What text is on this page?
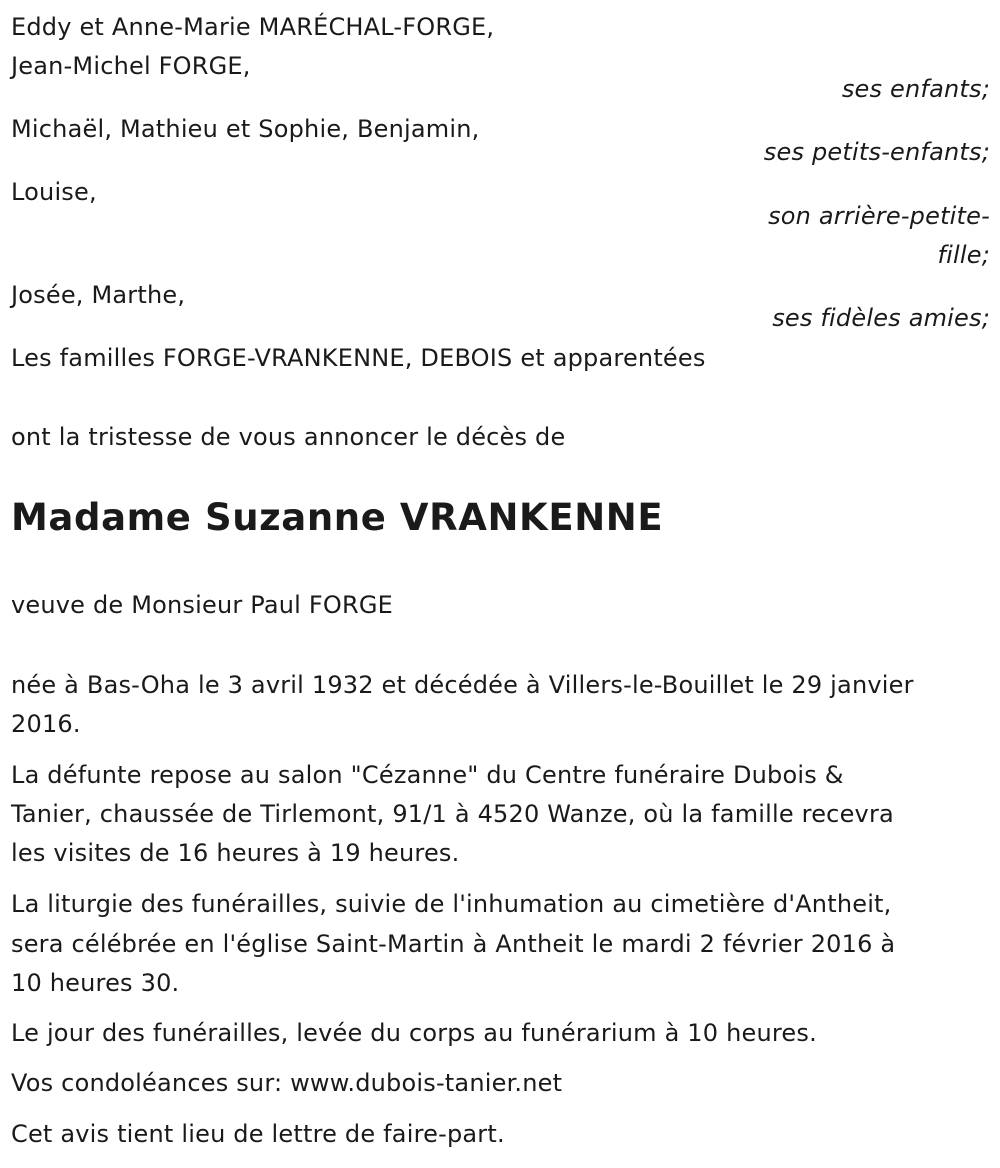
Eddy et Anne-Marie MARÉCHAL-FORGE,
Jean-Michel FORGE,
ses enfants;
Michaël, Mathieu et Sophie, Benjamin,
ses petits-enfants;
Louise,
son arrière-petite-
fille;
Josée, Marthe,
ses fidèles amies;
Les familles FORGE-VRANKENNE, DEBOIS et apparentées
ont la tristesse de vous annoncer le décès de
Madame Suzanne VRANKENNE
veuve de Monsieur Paul FORGE
née à Bas-Oha le 3 avril 1932 et décédée à Villers-le-Bouillet le 29 janvier
2016.
La défunte repose au salon "Cézanne" du Centre funéraire Dubois &
Tanier, chaussée de Tirlemont, 91/1 à 4520 Wanze, où la famille recevra
les visites de 16 heures à 19 heures.
La liturgie des funérailles, suivie de l'inhumation au cimetière d'Antheit,
sera célébrée en l'église Saint-Martin à Antheit le mardi 2 février 2016 à
10 heures 30.
Le jour des funérailles, levée du corps au funérarium à 10 heures.
Vos condoléances sur: www.dubois-tanier.net
Cet avis tient lieu de lettre de faire-part.
